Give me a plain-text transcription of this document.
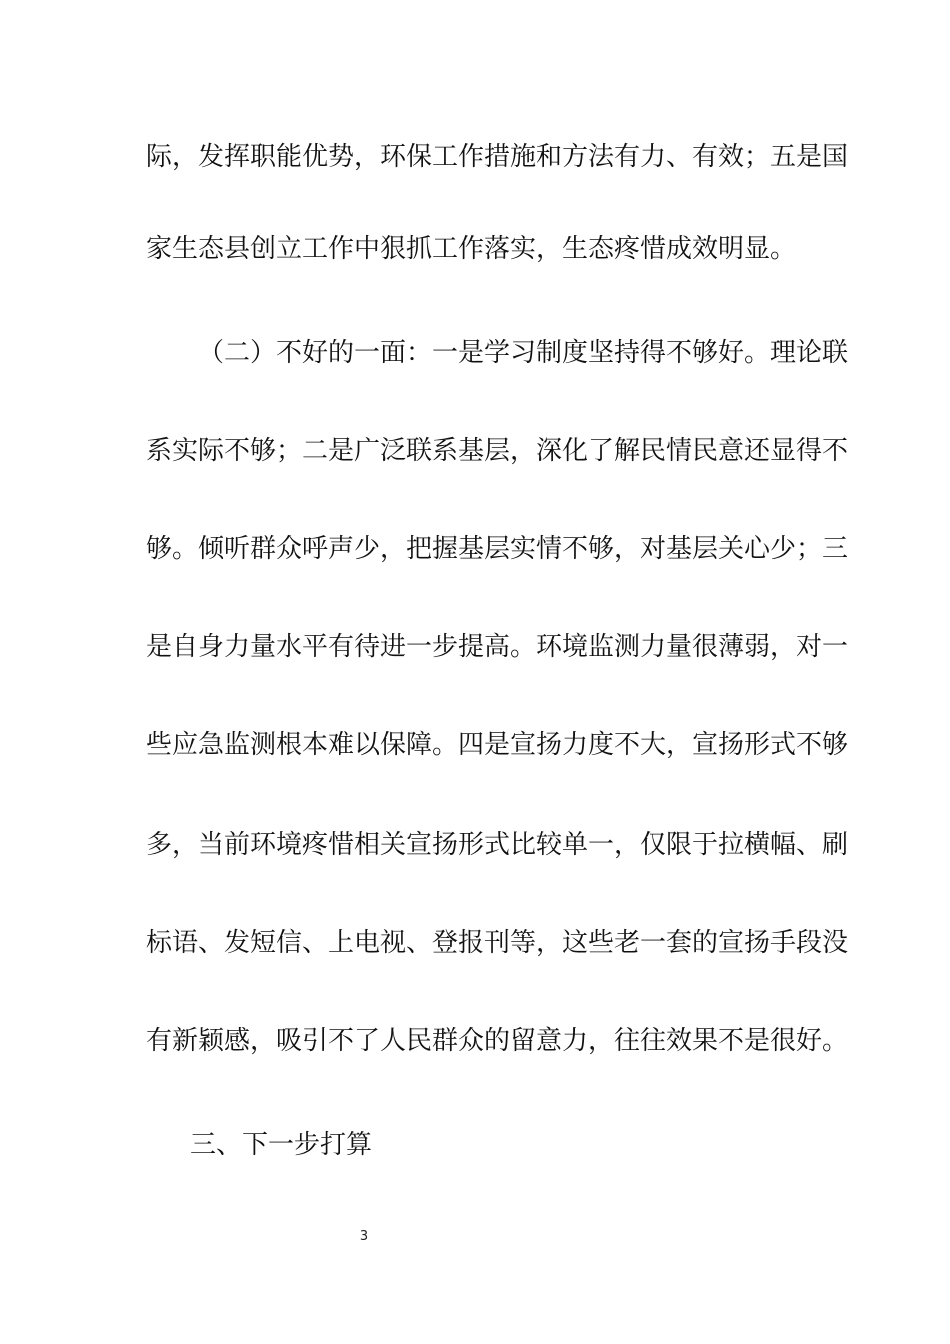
际，发挥职能优势，环保工作措施和方法有力、有效；五是国
家生态县创立工作中狠抓工作落实，生态疼惜成效明显。
（二）不好的一面：一是学习制度坚持得不够好。理论联
系实际不够；二是广泛联系基层，深化了解民情民意还显得不
够。倾听群众呼声少，把握基层实情不够，对基层关心少；三
是自身力量水平有待进一步提高。环境监测力量很薄弱，对一
些应急监测根本难以保障。四是宣扬力度不大，宣扬形式不够
多，当前环境疼惜相关宣扬形式比较单一，仅限于拉横幅、刷
标语、发短信、上电视、登报刊等，这些老一套的宣扬手段没
有新颖感，吸引不了人民群众的留意力，往往效果不是很好。
三、下一步打算
3
